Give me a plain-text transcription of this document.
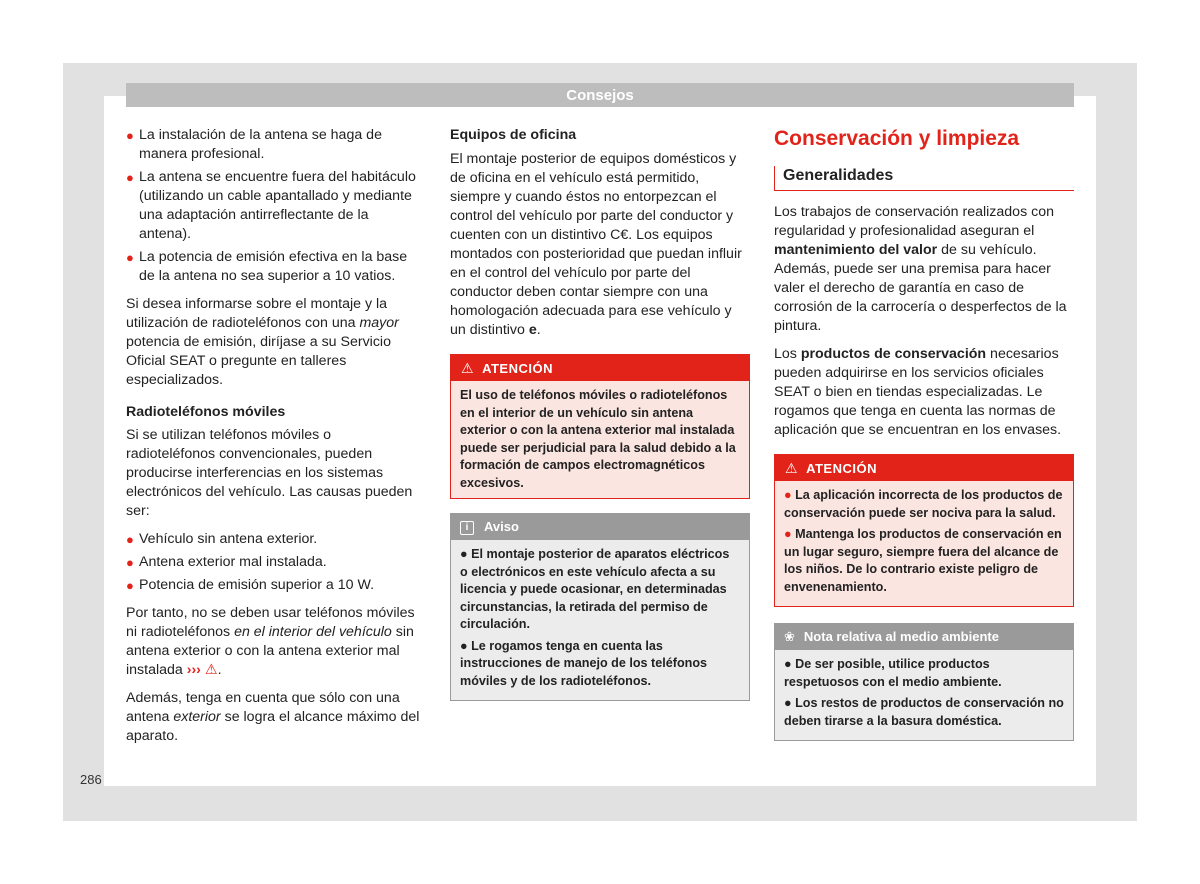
Consejos
● La instalación de la antena se haga de manera profesional.
● La antena se encuentre fuera del habitáculo (utilizando un cable apantallado y mediante una adaptación antirreflectante de la antena).
● La potencia de emisión efectiva en la base de la antena no sea superior a 10 vatios.

Si desea informarse sobre el montaje y la utilización de radioteléfonos con una mayor potencia de emisión, diríjase a su Servicio Oficial SEAT o pregunte en talleres especializados.

Radioteléfonos móviles

Si se utilizan teléfonos móviles o radioteléfonos convencionales, pueden producirse interferencias en los sistemas electrónicos del vehículo. Las causas pueden ser:

● Vehículo sin antena exterior.
● Antena exterior mal instalada.
● Potencia de emisión superior a 10 W.

Por tanto, no se deben usar teléfonos móviles ni radioteléfonos en el interior del vehículo sin antena exterior o con la antena exterior mal instalada ››› ⚠.

Además, tenga en cuenta que sólo con una antena exterior se logra el alcance máximo del aparato.

Equipos de oficina

El montaje posterior de equipos domésticos y de oficina en el vehículo está permitido, siempre y cuando éstos no entorpezcan el control del vehículo por parte del conductor y cuenten con un distintivo C€. Los equipos montados con posterioridad que puedan influir en el control del vehículo por parte del conductor deben contar siempre con una homologación adecuada para ese vehículo y un distintivo e.

⚠ ATENCIÓN
El uso de teléfonos móviles o radioteléfonos en el interior de un vehículo sin antena exterior o con la antena exterior mal instalada puede ser perjudicial para la salud debido a la formación de campos electromagnéticos excesivos.
i Aviso

● El montaje posterior de aparatos eléctricos o electrónicos en este vehículo afecta a su licencia y puede ocasionar, en determinadas circunstancias, la retirada del permiso de circulación.

● Le rogamos tenga en cuenta las instrucciones de manejo de los teléfonos móviles y de los radioteléfonos.

Conservación y limpieza
Generalidades

Los trabajos de conservación realizados con regularidad y profesionalidad aseguran el mantenimiento del valor de su vehículo. Además, puede ser una premisa para hacer valer el derecho de garantía en caso de corrosión de la carrocería o desperfectos de la pintura.

Los productos de conservación necesarios pueden adquirirse en los servicios oficiales SEAT o bien en tiendas especializadas. Le rogamos que tenga en cuenta las normas de aplicación que se encuentran en los envases.

⚠ ATENCIÓN

● La aplicación incorrecta de los productos de conservación puede ser nociva para la salud.

● Mantenga los productos de conservación en un lugar seguro, siempre fuera del alcance de los niños. De lo contrario existe peligro de envenenamiento.

❀ Nota relativa al medio ambiente

● De ser posible, utilice productos respetuosos con el medio ambiente.

● Los restos de productos de conservación no deben tirarse a la basura doméstica.

286
